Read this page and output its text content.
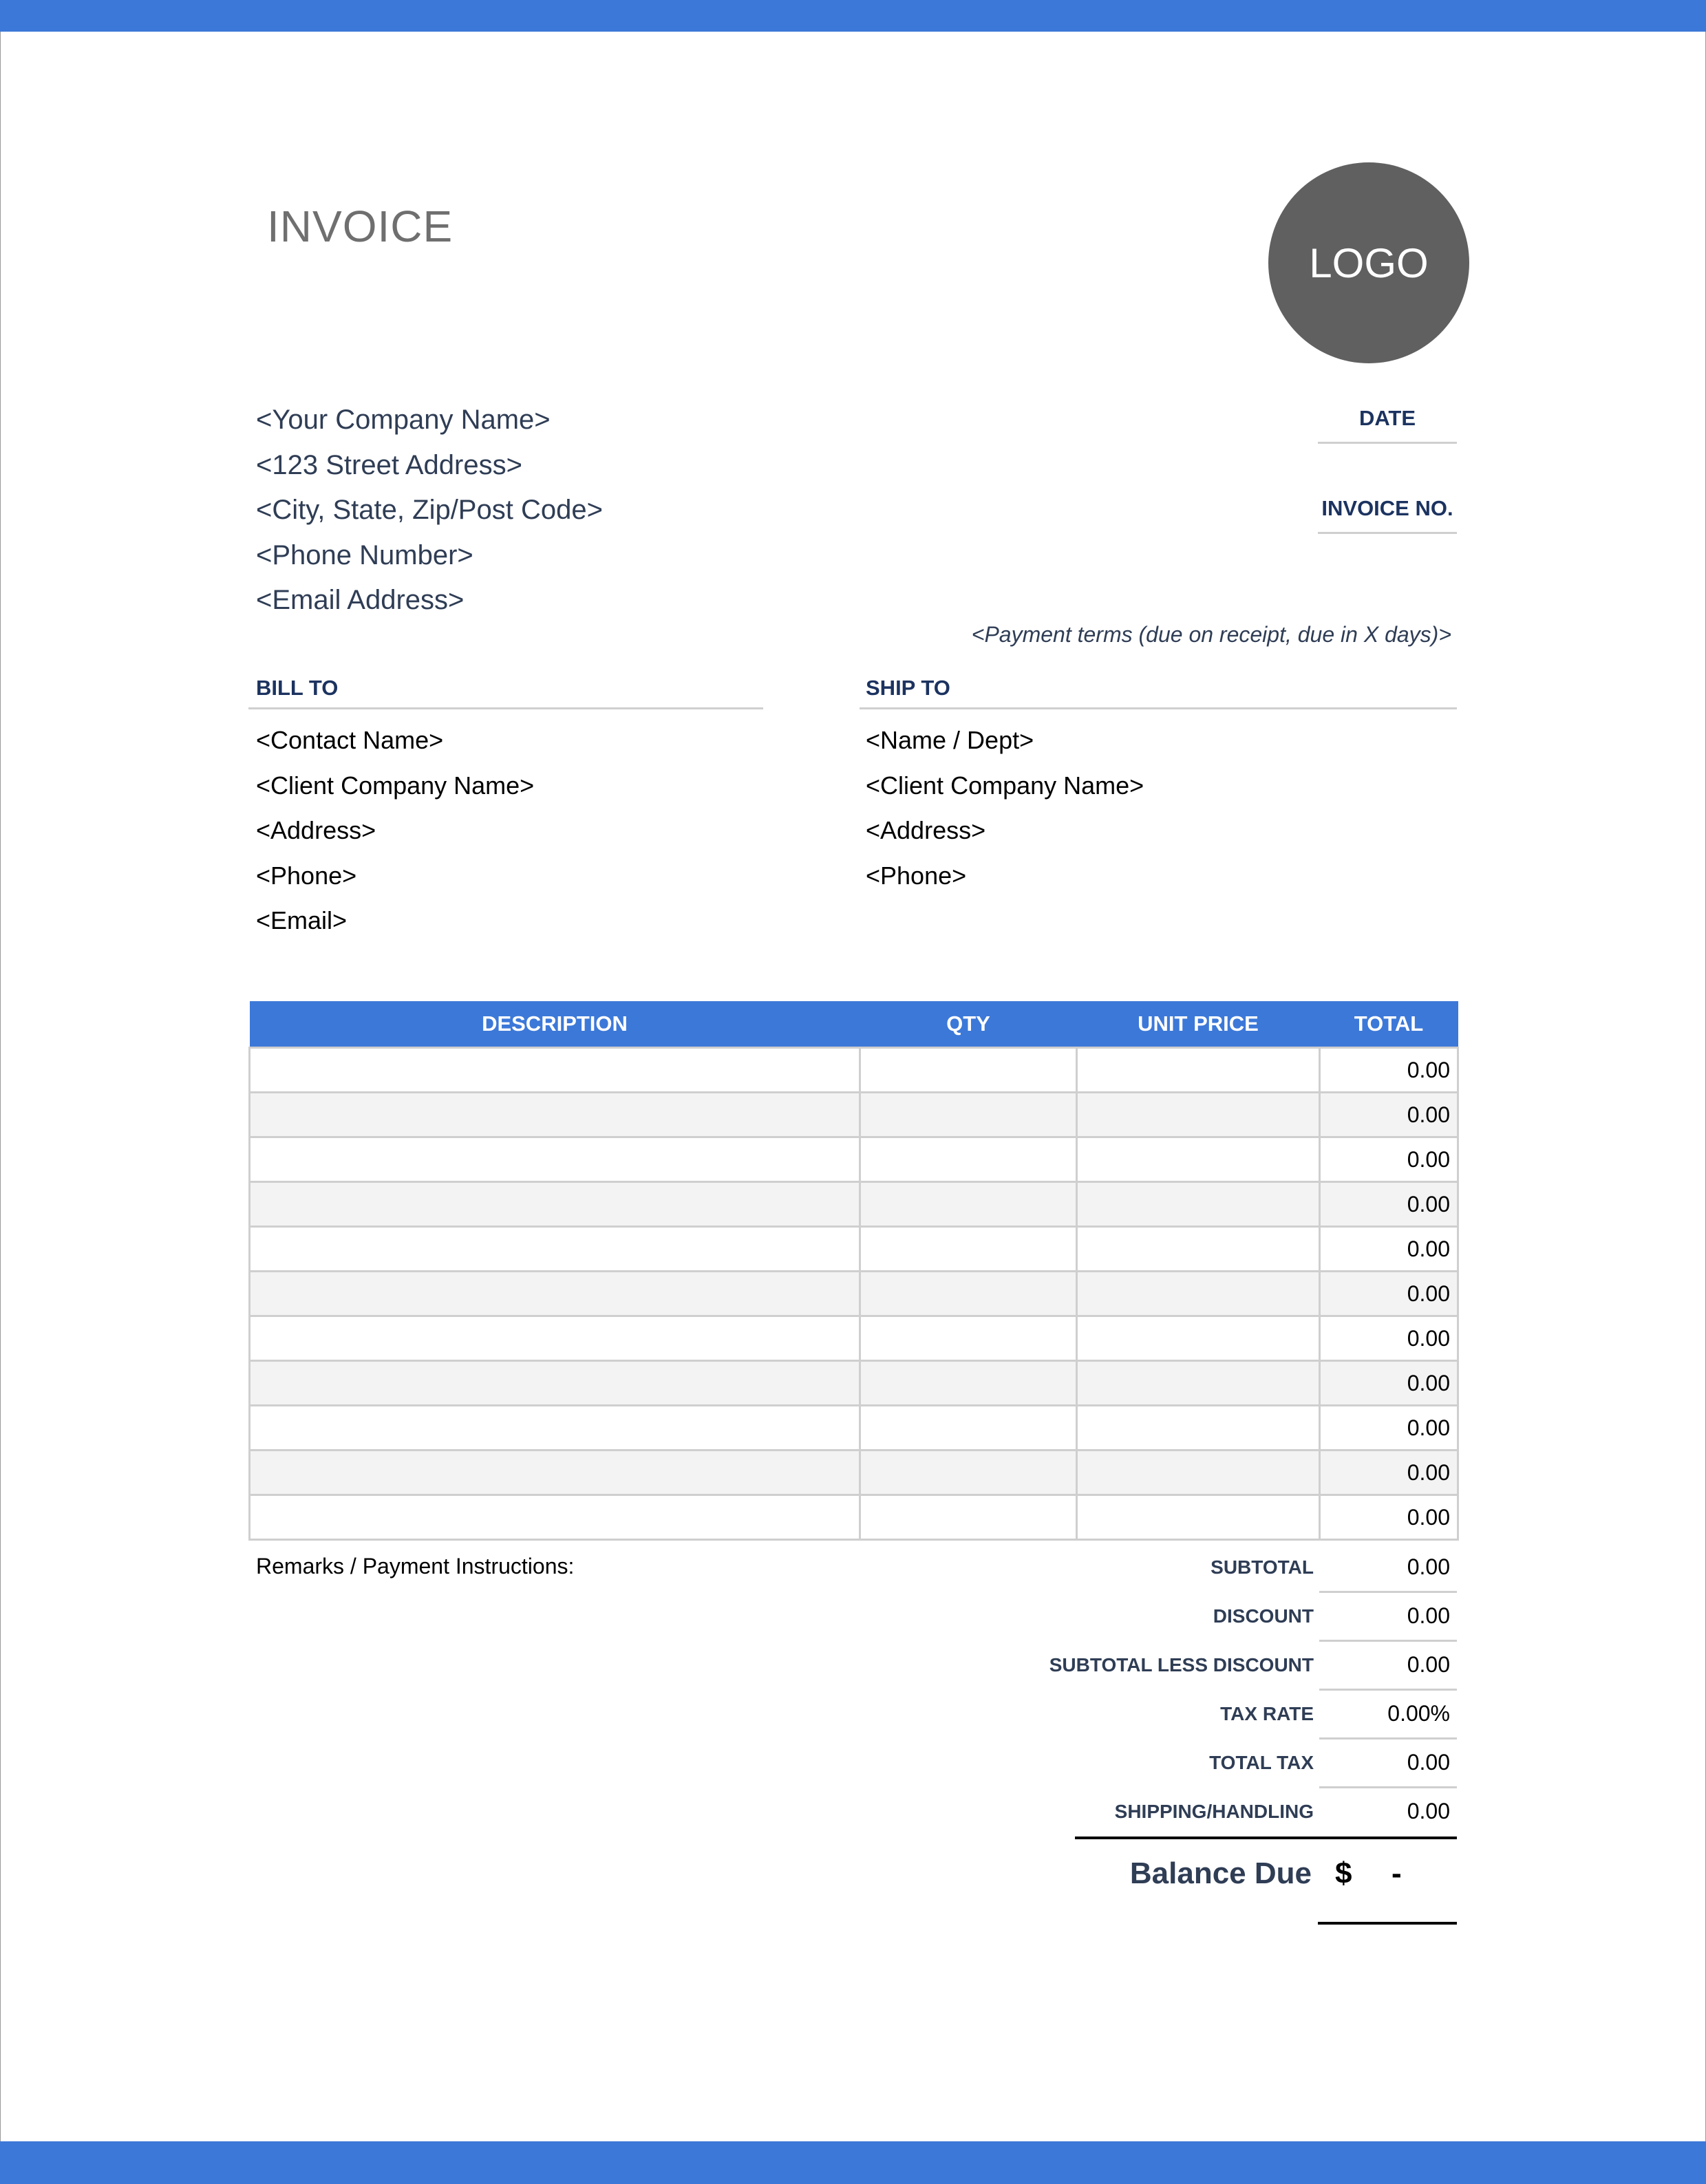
INVOICE
LOGO
<Your Company Name>
<123 Street Address>
<City, State, Zip/Post Code>
<Phone Number>
<Email Address>
DATE
INVOICE NO.
<Payment terms (due on receipt, due in X days)>
BILL TO
<Contact Name>
<Client Company Name>
<Address>
<Phone>
<Email>
SHIP TO
<Name / Dept>
<Client Company Name>
<Address>
<Phone>
DESCRIPTION	QTY	UNIT PRICE	TOTAL
			0.00
			0.00
			0.00
			0.00
			0.00
			0.00
			0.00
			0.00
			0.00
			0.00
			0.00
Remarks / Payment Instructions:	SUBTOTAL	0.00
DISCOUNT	0.00
SUBTOTAL LESS DISCOUNT	0.00
TAX RATE	0.00%
TOTAL TAX	0.00
SHIPPING/HANDLING	0.00
Balance Due $ -
